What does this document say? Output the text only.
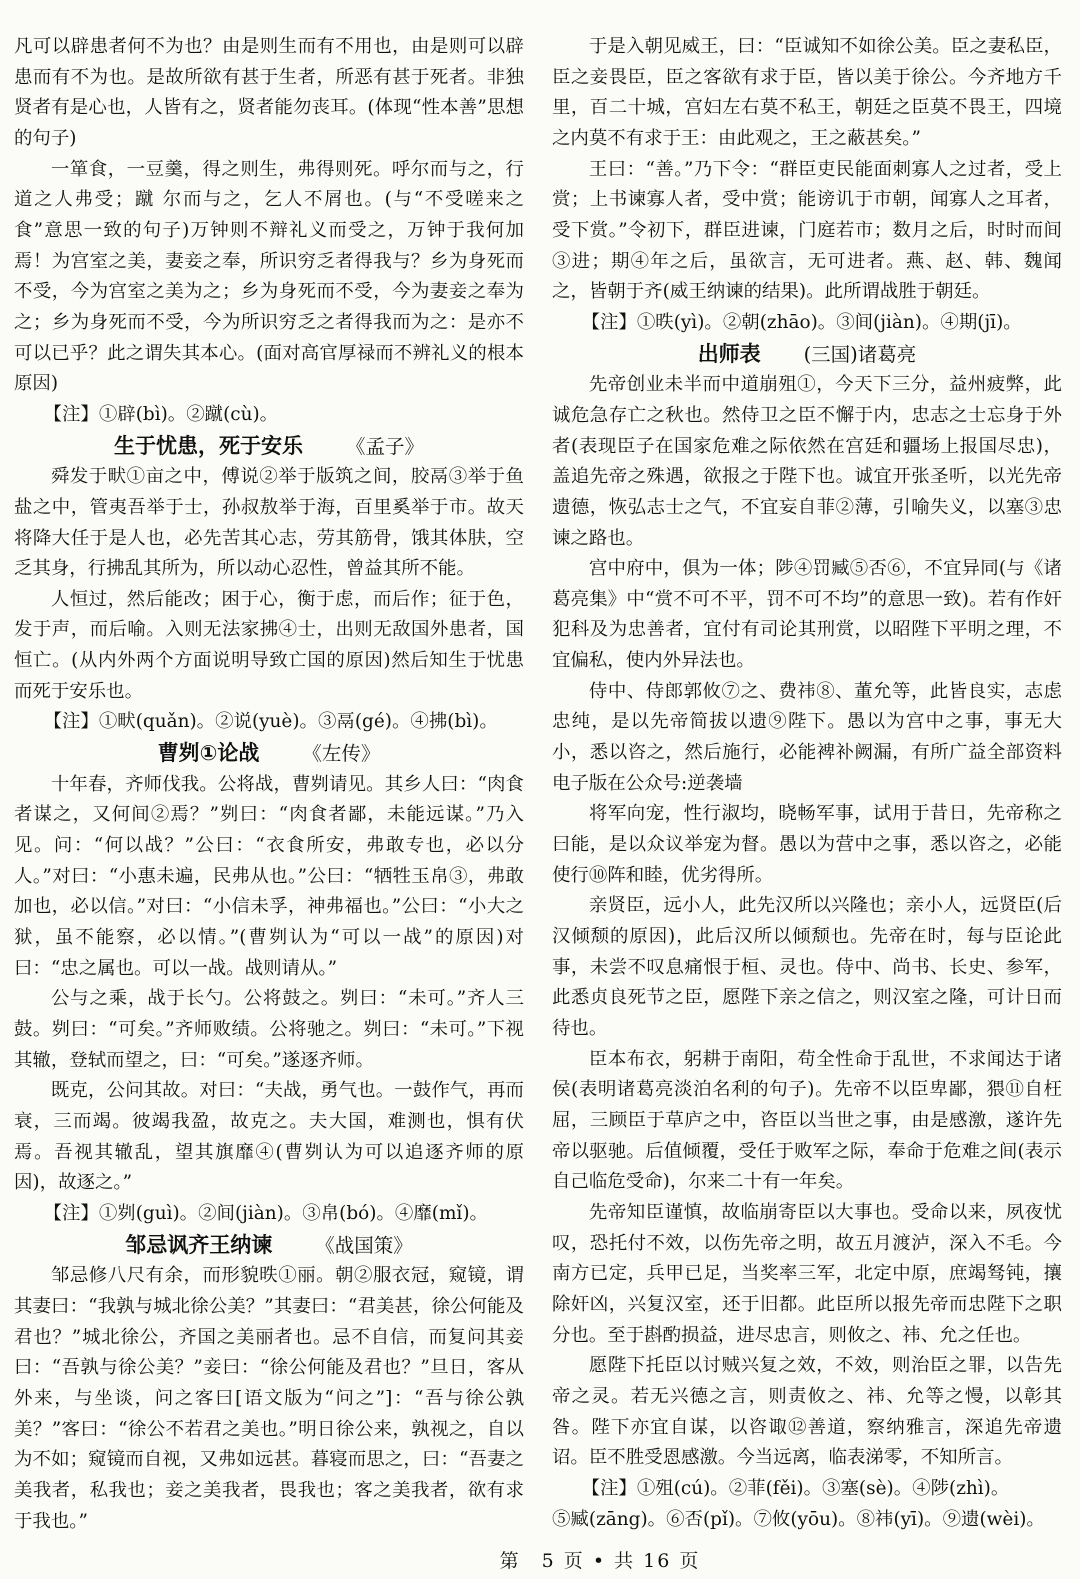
凡可以辟患者何不为也？由是则生而有不用也，由是则可以辟患而有不为也。是故所欲有甚于生者，所恶有甚于死者。非独贤者有是心也，人皆有之，贤者能勿丧耳。(体现“性本善”思想的句子)

一箪食，一豆羹，得之则生，弗得则死。呼尔而与之，行道之人弗受；蹴 尔而与之，乞人不屑也。(与“不受嗟来之食”意思一致的句子)万钟则不辩礼义而受之，万钟于我何加焉！为宫室之美，妻妾之奉，所识穷乏者得我与？乡为身死而不受，今为宫室之美为之；乡为身死而不受，今为妻妾之奉为之；乡为身死而不受，今为所识穷乏之者得我而为之：是亦不可以已乎？此之谓失其本心。(面对高官厚禄而不辨礼义的根本原因)

【注】①辟(bì)。②蹴(cù)。
生于忧患，死于安乐 《孟子》

舜发于畎①亩之中，傅说②举于版筑之间，胶鬲③举于鱼盐之中，管夷吾举于士，孙叔敖举于海，百里奚举于市。故天将降大任于是人也，必先苦其心志，劳其筋骨，饿其体肤，空乏其身，行拂乱其所为，所以动心忍性，曾益其所不能。

人恒过，然后能改；困于心，衡于虑，而后作；征于色，发于声，而后喻。入则无法家拂④士，出则无敌国外患者，国恒亡。(从内外两个方面说明导致亡国的原因)然后知生于忧患而死于安乐也。

【注】①畎(quǎn)。②说(yuè)。③鬲(gé)。④拂(bì)。
曹刿①论战 《左传》

十年春，齐师伐我。公将战，曹刿请见。其乡人曰：“肉食者谋之，又何间②焉？”刿曰：“肉食者鄙，未能远谋。”乃入见。问：“何以战？”公曰：“衣食所安，弗敢专也，必以分人。”对曰：“小惠未遍，民弗从也。”公曰：“牺牲玉帛③，弗敢加也，必以信。”对曰：“小信未孚，神弗福也。”公曰：“小大之狱，虽不能察，必以情。”(曹刿认为“可以一战”的原因)对曰：“忠之属也。可以一战。战则请从。”

公与之乘，战于长勺。公将鼓之。刿曰：“未可。”齐人三鼓。刿曰：“可矣。”齐师败绩。公将驰之。刿曰：“未可。”下视其辙，登轼而望之，曰：“可矣。”遂逐齐师。

既克，公问其故。对曰：“夫战，勇气也。一鼓作气，再而衰，三而竭。彼竭我盈，故克之。夫大国，难测也，惧有伏焉。吾视其辙乱，望其旗靡④(曹刿认为可以追逐齐师的原因)，故逐之。”

【注】①刿(guì)。②间(jiàn)。③帛(bó)。④靡(mǐ)。
邹忌讽齐王纳谏 《战国策》

邹忌修八尺有余，而形貌昳①丽。朝②服衣冠，窥镜，谓其妻曰：“我孰与城北徐公美？”其妻曰：“君美甚，徐公何能及君也？”城北徐公，齐国之美丽者也。忌不自信，而复问其妾曰：“吾孰与徐公美？”妾曰：“徐公何能及君也？”旦日，客从外来，与坐谈，问之客曰[语文版为“问之”]：“吾与徐公孰美？”客曰：“徐公不若君之美也。”明日徐公来，孰视之，自以为不如；窥镜而自视，又弗如远甚。暮寝而思之，曰：“吾妻之美我者，私我也；妾之美我者，畏我也；客之美我者，欲有求于我也。”

于是入朝见威王，曰：“臣诚知不如徐公美。臣之妻私臣，臣之妾畏臣，臣之客欲有求于臣，皆以美于徐公。今齐地方千里，百二十城，宫妇左右莫不私王，朝廷之臣莫不畏王，四境之内莫不有求于王：由此观之，王之蔽甚矣。”

王曰：“善。”乃下令：“群臣吏民能面刺寡人之过者，受上赏；上书谏寡人者，受中赏；能谤讥于市朝，闻寡人之耳者，受下赏。”令初下，群臣进谏，门庭若市；数月之后，时时而间③进；期④年之后，虽欲言，无可进者。燕、赵、韩、魏闻之，皆朝于齐(威王纳谏的结果)。此所谓战胜于朝廷。

【注】①昳(yì)。②朝(zhāo)。③间(jiàn)。④期(jī)。
出师表 (三国)诸葛亮

先帝创业未半而中道崩殂①，今天下三分，益州疲弊，此诚危急存亡之秋也。然侍卫之臣不懈于内，忠志之士忘身于外者(表现臣子在国家危难之际依然在宫廷和疆场上报国尽忠)，盖追先帝之殊遇，欲报之于陛下也。诚宜开张圣听，以光先帝遗德，恢弘志士之气，不宜妄自菲②薄，引喻失义，以塞③忠谏之路也。

宫中府中，俱为一体；陟④罚臧⑤否⑥，不宜异同(与《诸葛亮集》中“赏不可不平，罚不可不均”的意思一致)。若有作奸犯科及为忠善者，宜付有司论其刑赏，以昭陛下平明之理，不宜偏私，使内外异法也。

侍中、侍郎郭攸⑦之、费祎⑧、董允等，此皆良实，志虑忠纯，是以先帝简拔以遗⑨陛下。愚以为宫中之事，事无大小，悉以咨之，然后施行，必能裨补阙漏，有所广益全部资料电子版在公众号:逆袭墙

将军向宠，性行淑均，晓畅军事，试用于昔日，先帝称之曰能，是以众议举宠为督。愚以为营中之事，悉以咨之，必能使行⑩阵和睦，优劣得所。

亲贤臣，远小人，此先汉所以兴隆也；亲小人，远贤臣(后汉倾颓的原因)，此后汉所以倾颓也。先帝在时，每与臣论此事，未尝不叹息痛恨于桓、灵也。侍中、尚书、长史、参军，此悉贞良死节之臣，愿陛下亲之信之，则汉室之隆，可计日而待也。

臣本布衣，躬耕于南阳，苟全性命于乱世，不求闻达于诸侯(表明诸葛亮淡泊名利的句子)。先帝不以臣卑鄙，猥⑪自枉屈，三顾臣于草庐之中，咨臣以当世之事，由是感激，遂许先帝以驱驰。后值倾覆，受任于败军之际，奉命于危难之间(表示自己临危受命)，尔来二十有一年矣。

先帝知臣谨慎，故临崩寄臣以大事也。受命以来，夙夜忧叹，恐托付不效，以伤先帝之明，故五月渡泸，深入不毛。今南方已定，兵甲已足，当奖率三军，北定中原，庶竭驽钝，攘除奸凶，兴复汉室，还于旧都。此臣所以报先帝而忠陛下之职分也。至于斟酌损益，进尽忠言，则攸之、祎、允之任也。

愿陛下托臣以讨贼兴复之效，不效，则治臣之罪，以告先帝之灵。若无兴德之言，则责攸之、祎、允等之慢，以彰其咎。陛下亦宜自谋，以咨诹⑫善道，察纳雅言，深追先帝遗诏。臣不胜受恩感激。今当远离，临表涕零，不知所言。

【注】①殂(cú)。②菲(fěi)。③塞(sè)。④陟(zhì)。
⑤臧(zāng)。⑥否(pǐ)。⑦攸(yōu)。⑧祎(yī)。⑨遗(wèi)。
第　5 页 • 共 16 页
